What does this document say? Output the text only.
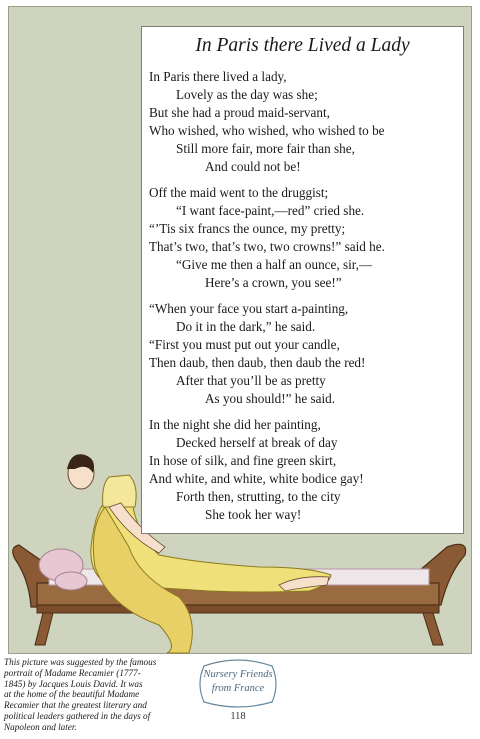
In Paris there Lived a Lady
In Paris there lived a lady,
Lovely as the day was she;
But she had a proud maid-servant,
Who wished, who wished, who wished to be
Still more fair, more fair than she,
And could not be!
Off the maid went to the druggist;
“I want face-paint,—red” cried she.
“’Tis six francs the ounce, my pretty;
That’s two, that’s two, two crowns!” said he.
“Give me then a half an ounce, sir,—
Here’s a crown, you see!”
“When your face you start a-painting,
Do it in the dark,” he said.
“First you must put out your candle,
Then daub, then daub, then daub the red!
After that you’ll be as pretty
As you should!” he said.
In the night she did her painting,
Decked herself at break of day
In hose of silk, and fine green skirt,
And white, and white, white bodice gay!
Forth then, strutting, to the city
She took her way!
This picture was suggested by the famous
portrait of Madame Recamier (1777-
1845) by Jacques Louis David. It was
at the home of the beautiful Madame
Recamier that the greatest literary and
political leaders gathered in the days of
Napoleon and later.
Nursery Friends
from France
118
